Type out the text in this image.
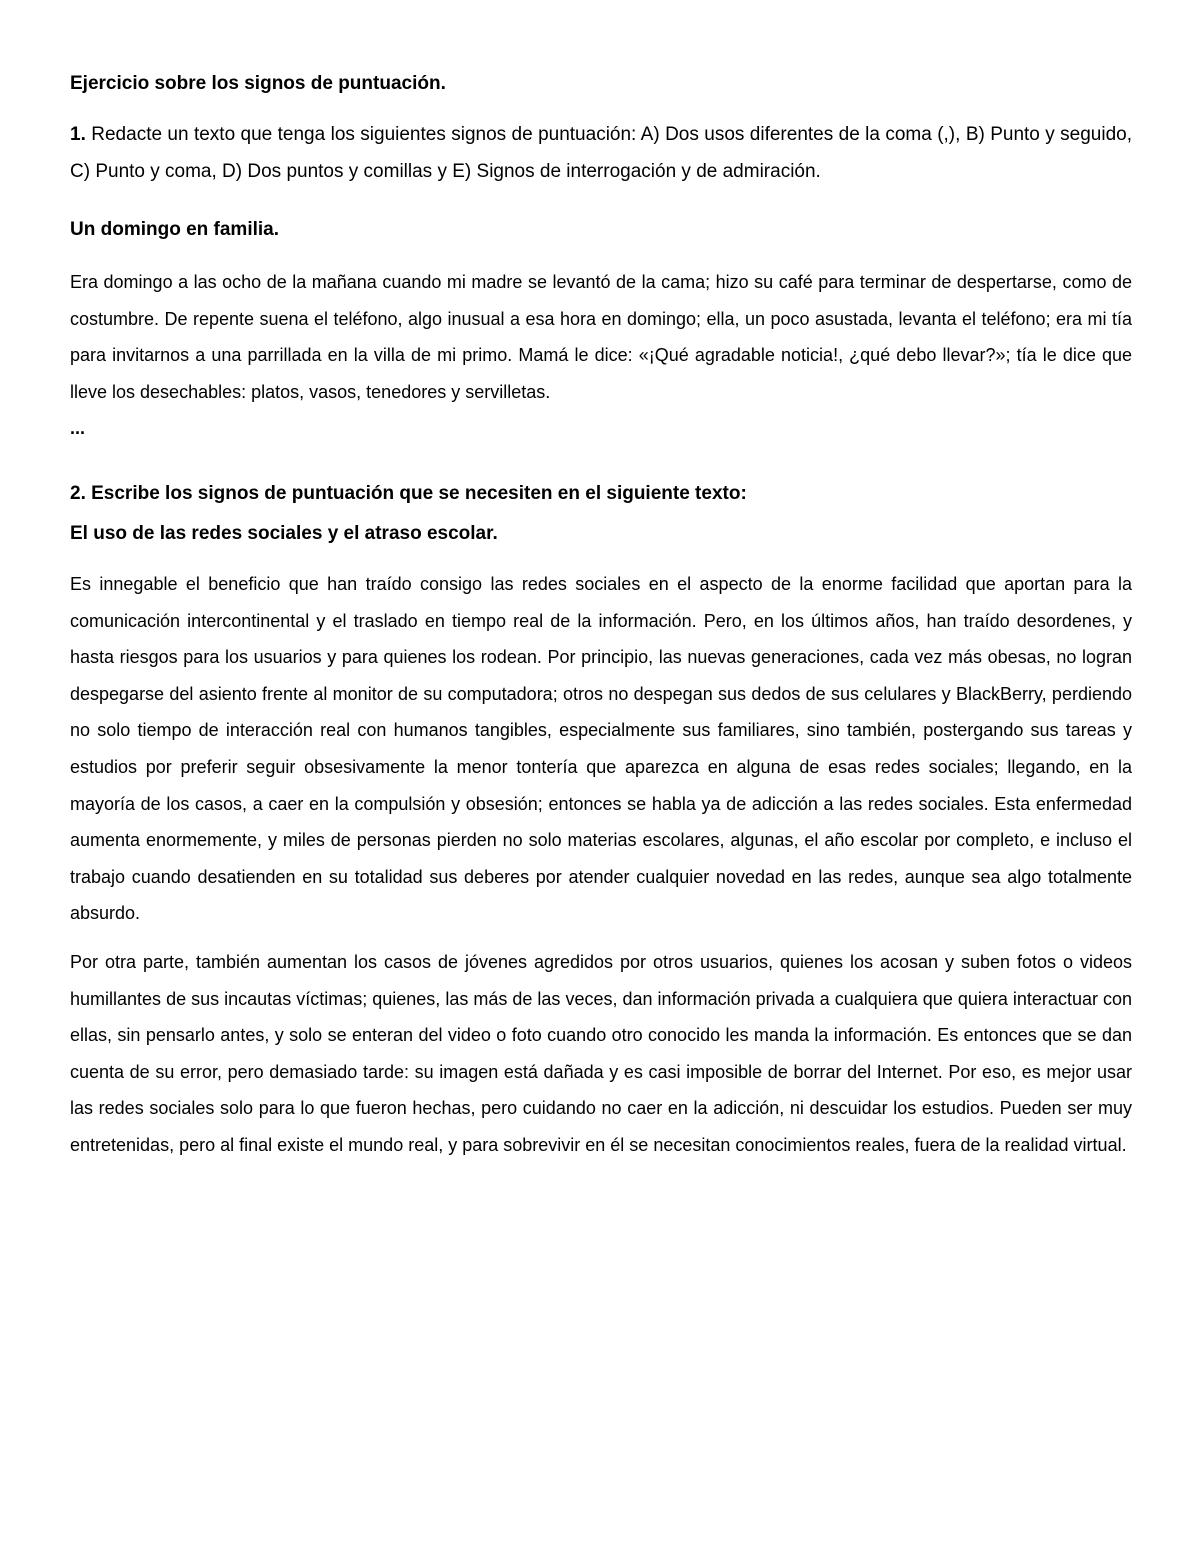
Ejercicio sobre los signos de puntuación.

1. Redacte un texto que tenga los siguientes signos de puntuación: A) Dos usos diferentes de la coma (,), B) Punto y seguido, C) Punto y coma, D) Dos puntos y comillas y E) Signos de interrogación y de admiración.

Un domingo en familia.

Era domingo a las ocho de la mañana cuando mi madre se levantó de la cama; hizo su café para terminar de despertarse, como de costumbre. De repente suena el teléfono, algo inusual a esa hora en domingo; ella, un poco asustada, levanta el teléfono; era mi tía para invitarnos a una parrillada en la villa de mi primo. Mamá le dice: «¡Qué agradable noticia!, ¿qué debo llevar?»; tía le dice que lleve los desechables: platos, vasos, tenedores y servilletas.

...

2. Escribe los signos de puntuación que se necesiten en el siguiente texto:

El uso de las redes sociales y el atraso escolar.

Es innegable el beneficio que han traído consigo las redes sociales en el aspecto de la enorme facilidad que aportan para la comunicación intercontinental y el traslado en tiempo real de la información. Pero, en los últimos años, han traído desordenes, y hasta riesgos para los usuarios y para quienes los rodean. Por principio, las nuevas generaciones, cada vez más obesas, no logran despegarse del asiento frente al monitor de su computadora; otros no despegan sus dedos de sus celulares y BlackBerry, perdiendo no solo tiempo de interacción real con humanos tangibles, especialmente sus familiares, sino también, postergando sus tareas y estudios por preferir seguir obsesivamente la menor tontería que aparezca en alguna de esas redes sociales; llegando, en la mayoría de los casos, a caer en la compulsión y obsesión; entonces se habla ya de adicción a las redes sociales. Esta enfermedad aumenta enormemente, y miles de personas pierden no solo materias escolares, algunas, el año escolar por completo, e incluso el trabajo cuando desatienden en su totalidad sus deberes por atender cualquier novedad en las redes, aunque sea algo totalmente absurdo.

Por otra parte, también aumentan los casos de jóvenes agredidos por otros usuarios, quienes los acosan y suben fotos o videos humillantes de sus incautas víctimas; quienes, las más de las veces, dan información privada a cualquiera que quiera interactuar con ellas, sin pensarlo antes, y solo se enteran del video o foto cuando otro conocido les manda la información. Es entonces que se dan cuenta de su error, pero demasiado tarde: su imagen está dañada y es casi imposible de borrar del Internet. Por eso, es mejor usar las redes sociales solo para lo que fueron hechas, pero cuidando no caer en la adicción, ni descuidar los estudios. Pueden ser muy entretenidas, pero al final existe el mundo real, y para sobrevivir en él se necesitan conocimientos reales, fuera de la realidad virtual.
